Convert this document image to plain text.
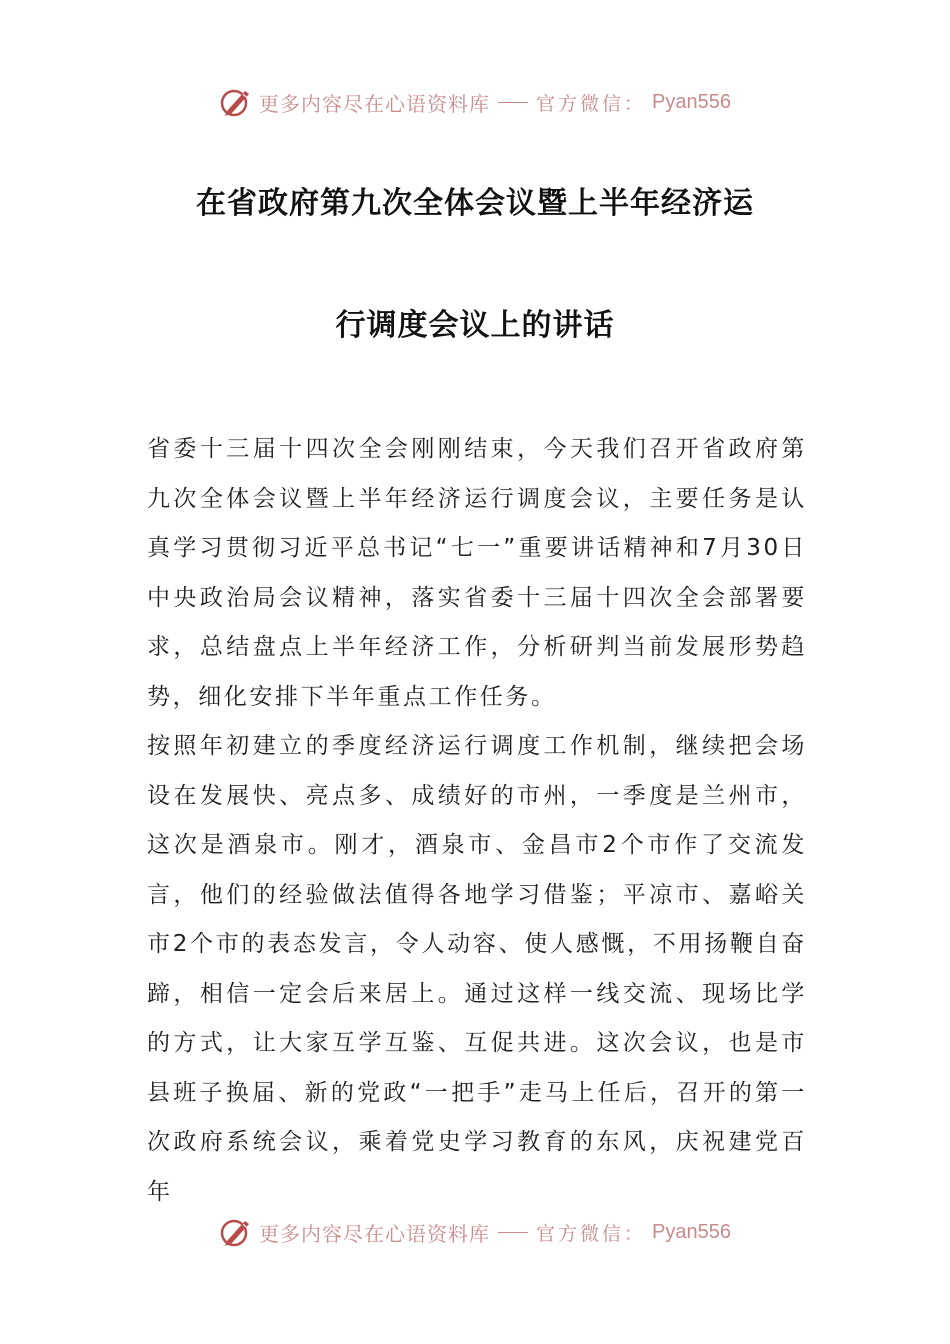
更多内容尽在心语资料库 官方微信： Pyan556
在省政府第九次全体会议暨上半年经济运
行调度会议上的讲话

省委十三届十四次全会刚刚结束，今天我们召开省政府第九次全体会议暨上半年经济运行调度会议，主要任务是认真学习贯彻习近平总书记“七一”重要讲话精神和7月30日中央政治局会议精神，落实省委十三届十四次全会部署要求，总结盘点上半年经济工作，分析研判当前发展形势趋势，细化安排下半年重点工作任务。

按照年初建立的季度经济运行调度工作机制，继续把会场设在发展快、亮点多、成绩好的市州，一季度是兰州市，这次是酒泉市。刚才，酒泉市、金昌市2个市作了交流发言，他们的经验做法值得各地学习借鉴；平凉市、嘉峪关市2个市的表态发言，令人动容、使人感慨，不用扬鞭自奋蹄，相信一定会后来居上。通过这样一线交流、现场比学的方式，让大家互学互鉴、互促共进。这次会议，也是市县班子换届、新的党政“一把手”走马上任后，召开的第一次政府系统会议，乘着党史学习教育的东风，庆祝建党百年

更多内容尽在心语资料库 官方微信： Pyan556
